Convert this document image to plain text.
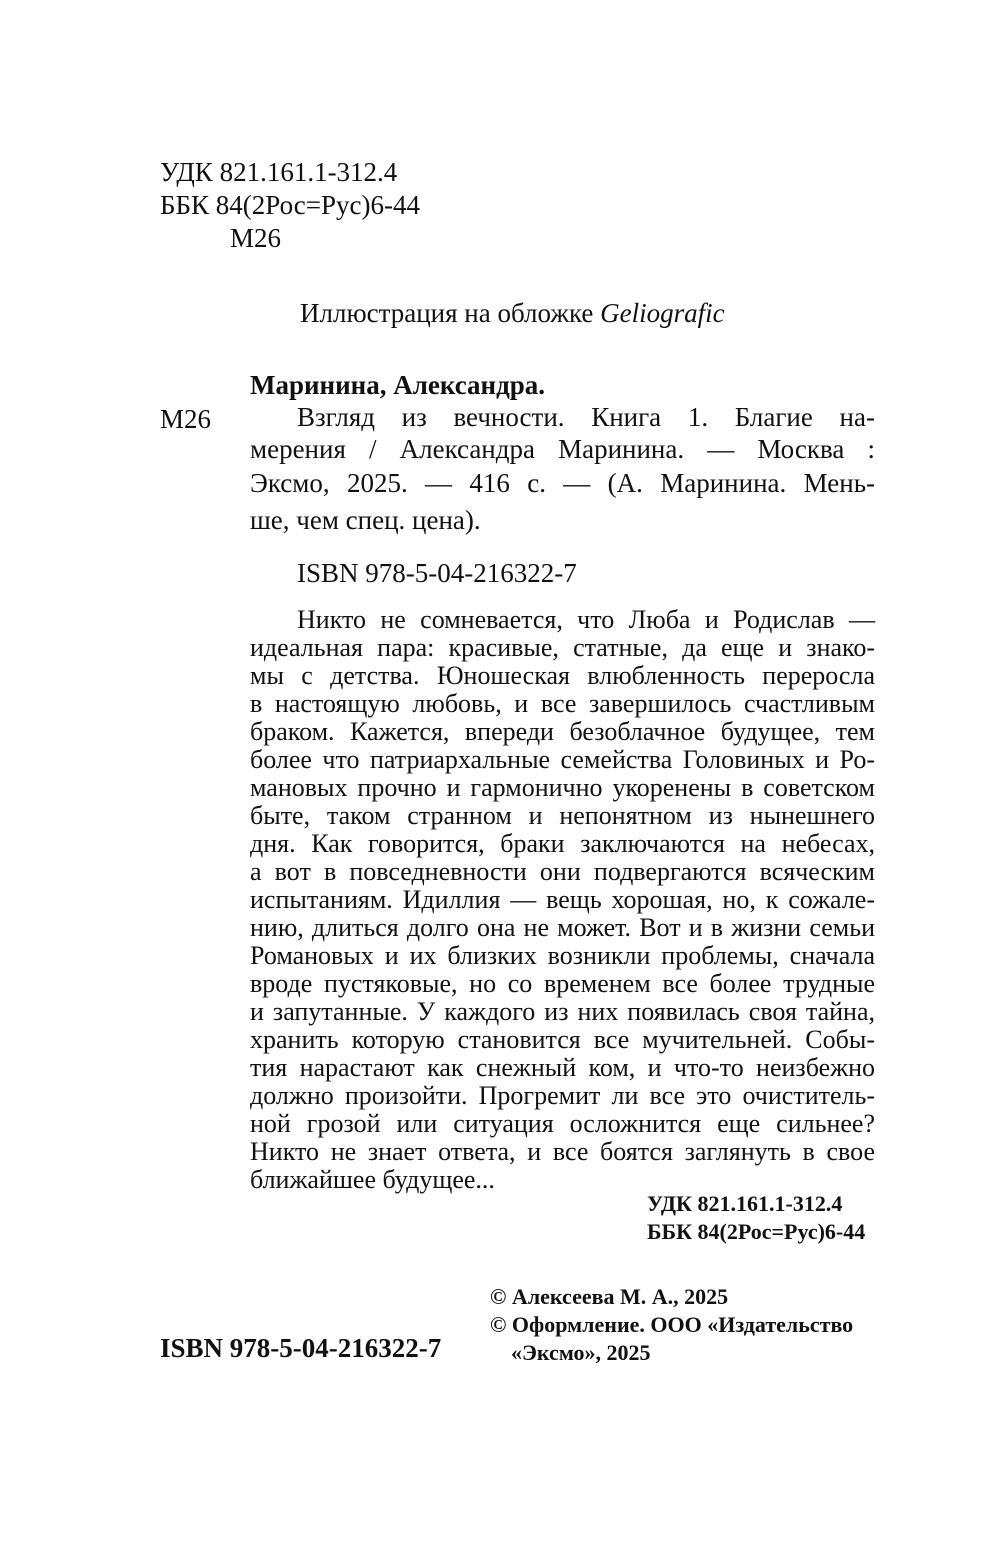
УДК 821.161.1-312.4
ББК 84(2Рос=Рус)6-44
М26
Иллюстрация на обложке Geliografic
Маринина, Александра.
М26	Взгляд из вечности. Книга 1. Благие на-
мерения / Александра Маринина. — Москва :
Эксмо, 2025. — 416 с. — (А. Маринина. Мень-
ше, чем спец. цена).
ISBN 978-5-04-216322-7
Никто не сомневается, что Люба и Родислав —
идеальная пара: красивые, статные, да еще и знако-
мы с детства. Юношеская влюбленность переросла
в настоящую любовь, и все завершилось счастливым
браком. Кажется, впереди безоблачное будущее, тем
более что патриархальные семейства Головиных и Ро-
мановых прочно и гармонично укоренены в советском
быте, таком странном и непонятном из нынешнего
дня. Как говорится, браки заключаются на небесах,
а вот в повседневности они подвергаются всяческим
испытаниям. Идиллия — вещь хорошая, но, к сожале-
нию, длиться долго она не может. Вот и в жизни семьи
Романовых и их близких возникли проблемы, сначала
вроде пустяковые, но со временем все более трудные
и запутанные. У каждого из них появилась своя тайна,
хранить которую становится все мучительней. Собы-
тия нарастают как снежный ком, и что-то неизбежно
должно произойти. Прогремит ли все это очиститель-
ной грозой или ситуация осложнится еще сильнее?
Никто не знает ответа, и все боятся заглянуть в свое
ближайшее будущее...
УДК 821.161.1-312.4
ББК 84(2Рос=Рус)6-44
ISBN 978-5-04-216322-7
© Алексеева М. А., 2025
© Оформление. ООО «Издательство
«Эксмо», 2025
